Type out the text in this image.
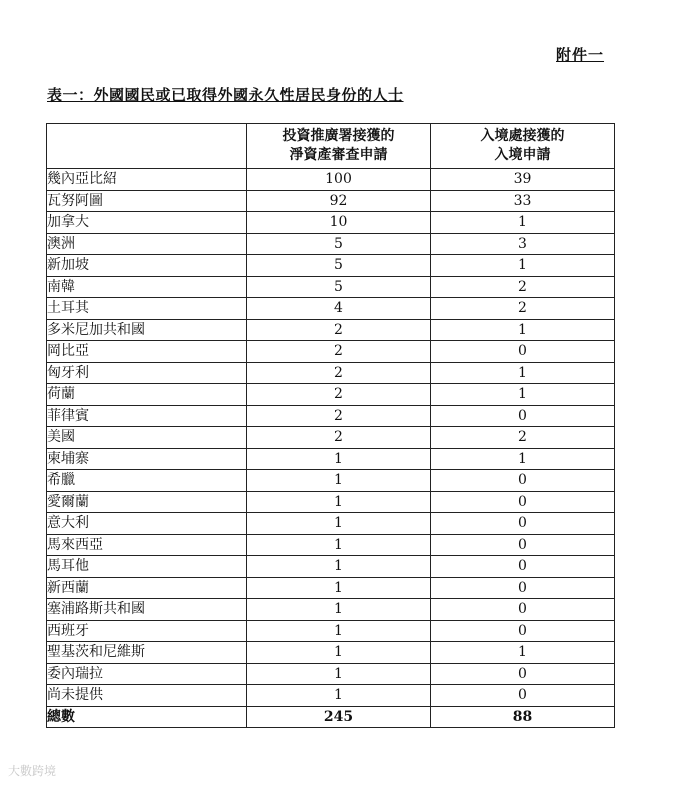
附件一
表一：外國國民或已取得外國永久性居民身份的人士

	投資推廣署接獲的
淨資產審查申請	入境處接獲的
入境申請

幾內亞比紹	100	39
瓦努阿圖	92	33
加拿大	10	1
澳洲	5	3
新加坡	5	1
南韓	5	2
土耳其	4	2
多米尼加共和國	2	1
岡比亞	2	0
匈牙利	2	1
荷蘭	2	1
菲律賓	2	0
美國	2	2
柬埔寨	1	1
希臘	1	0
愛爾蘭	1	0
意大利	1	0
馬來西亞	1	0
馬耳他	1	0
新西蘭	1	0
塞浦路斯共和國	1	0
西班牙	1	0
聖基茨和尼維斯	1	1
委內瑞拉	1	0
尚未提供	1	0
總數	245	88
大數跨境
